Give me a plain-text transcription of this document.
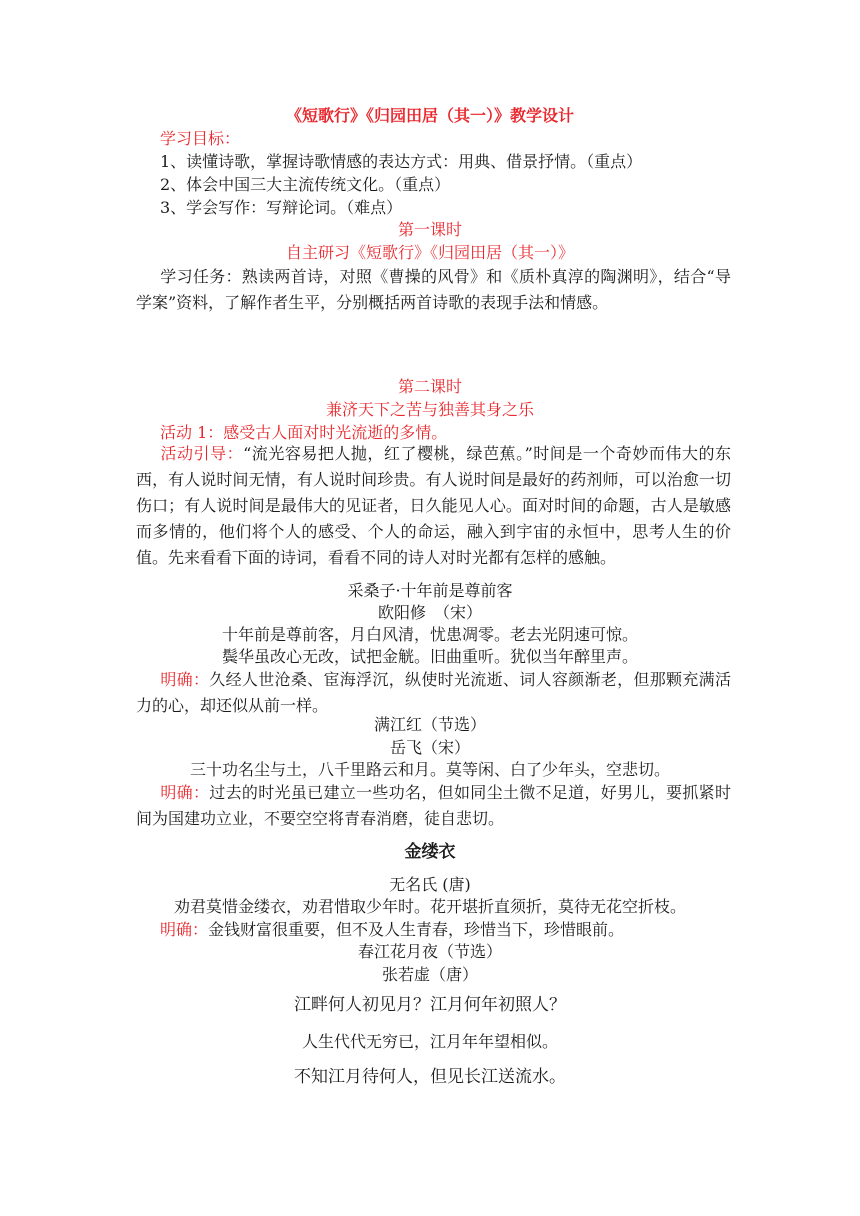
《短歌行》《归园田居（其一）》教学设计
学习目标：
1、读懂诗歌，掌握诗歌情感的表达方式：用典、借景抒情。（重点）
2、体会中国三大主流传统文化。（重点）
3、学会写作：写辩论词。（难点）
第一课时
自主研习《短歌行》《归园田居（其一）》
学习任务：熟读两首诗，对照《曹操的风骨》和《质朴真淳的陶渊明》，结合“导学案”资料，了解作者生平，分别概括两首诗歌的表现手法和情感。
第二课时
兼济天下之苦与独善其身之乐
活动 1：感受古人面对时光流逝的多情。
活动引导：“流光容易把人抛，红了樱桃，绿芭蕉。”时间是一个奇妙而伟大的东西，有人说时间无情，有人说时间珍贵。有人说时间是最好的药剂师，可以治愈一切伤口；有人说时间是最伟大的见证者，日久能见人心。面对时间的命题，古人是敏感而多情的，他们将个人的感受、个人的命运，融入到宇宙的永恒中，思考人生的价值。先来看看下面的诗词，看看不同的诗人对时光都有怎样的感触。
采桑子·十年前是尊前客
欧阳修　（宋）
十年前是尊前客，月白风清，忧患凋零。老去光阴速可惊。
鬓华虽改心无改，试把金觥。旧曲重听。犹似当年醉里声。
明确：久经人世沧桑、宦海浮沉，纵使时光流逝、词人容颜渐老，但那颗充满活力的心，却还似从前一样。
满江红（节选）
岳飞（宋）
三十功名尘与土，八千里路云和月。莫等闲、白了少年头，空悲切。
明确：过去的时光虽已建立一些功名，但如同尘土微不足道，好男儿，要抓紧时间为国建功立业，不要空空将青春消磨，徒自悲切。
金缕衣
无名氏 (唐)
劝君莫惜金缕衣，劝君惜取少年时。花开堪折直须折，莫待无花空折枝。
明确：金钱财富很重要，但不及人生青春，珍惜当下，珍惜眼前。
春江花月夜（节选）
张若虚（唐）
江畔何人初见月？江月何年初照人？
人生代代无穷已，江月年年望相似。
不知江月待何人，但见长江送流水。
